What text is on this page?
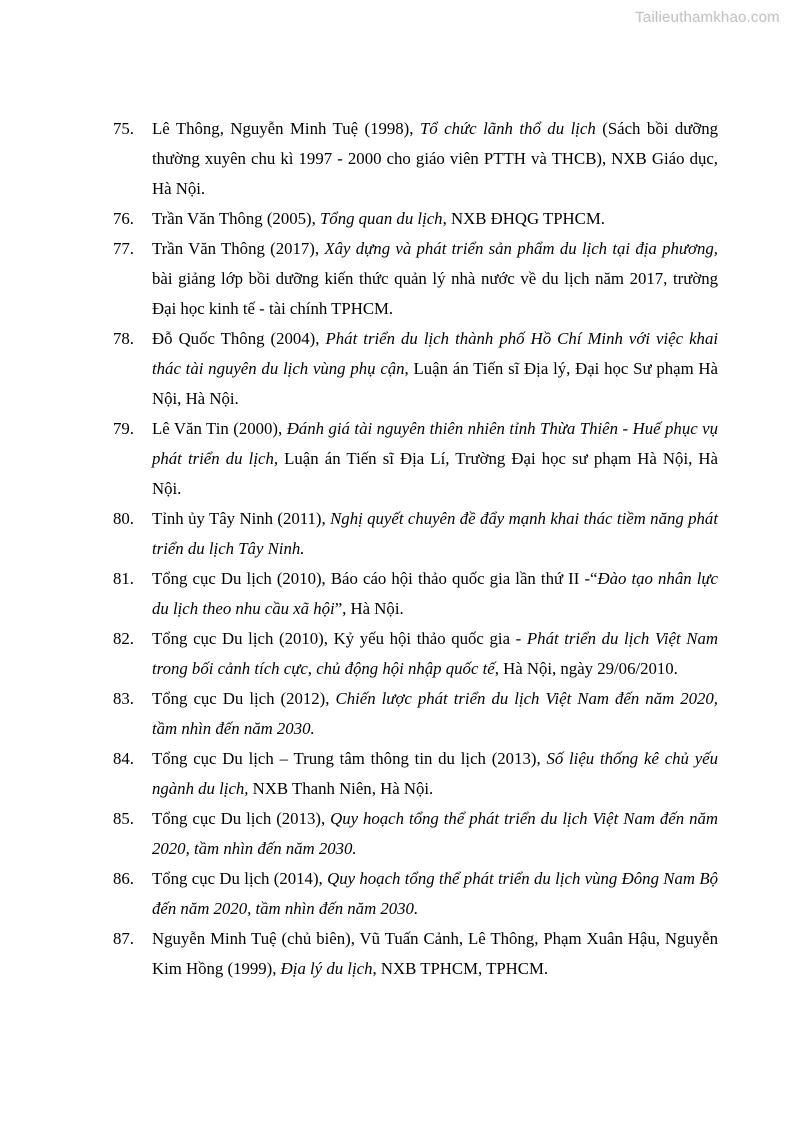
Tailieuthamkhao.com
75. Lê Thông, Nguyễn Minh Tuệ (1998), Tổ chức lãnh thổ du lịch (Sách bồi dưỡng thường xuyên chu kì 1997 - 2000 cho giáo viên PTTH và THCB), NXB Giáo dục, Hà Nội.
76. Trần Văn Thông (2005), Tổng quan du lịch, NXB ĐHQG TPHCM.
77. Trần Văn Thông (2017), Xây dựng và phát triển sản phẩm du lịch tại địa phương, bài giảng lớp bồi dưỡng kiến thức quản lý nhà nước về du lịch năm 2017, trường Đại học kinh tế - tài chính TPHCM.
78. Đỗ Quốc Thông (2004), Phát triển du lịch thành phố Hồ Chí Minh với việc khai thác tài nguyên du lịch vùng phụ cận, Luận án Tiến sĩ Địa lý, Đại học Sư phạm Hà Nội, Hà Nội.
79. Lê Văn Tin (2000), Đánh giá tài nguyên thiên nhiên tỉnh Thừa Thiên - Huế phục vụ phát triển du lịch, Luận án Tiến sĩ Địa Lí, Trường Đại học sư phạm Hà Nội, Hà Nội.
80. Tỉnh ủy Tây Ninh (2011), Nghị quyết chuyên đề đẩy mạnh khai thác tiềm năng phát triển du lịch Tây Ninh.
81. Tổng cục Du lịch (2010), Báo cáo hội thảo quốc gia lần thứ II -“Đào tạo nhân lực du lịch theo nhu cầu xã hội”, Hà Nội.
82. Tổng cục Du lịch (2010), Kỷ yếu hội thảo quốc gia - Phát triển du lịch Việt Nam trong bối cảnh tích cực, chủ động hội nhập quốc tế, Hà Nội, ngày 29/06/2010.
83. Tổng cục Du lịch (2012), Chiến lược phát triển du lịch Việt Nam đến năm 2020, tầm nhìn đến năm 2030.
84. Tổng cục Du lịch – Trung tâm thông tin du lịch (2013), Số liệu thống kê chủ yếu ngành du lịch, NXB Thanh Niên, Hà Nội.
85. Tổng cục Du lịch (2013), Quy hoạch tổng thể phát triển du lịch Việt Nam đến năm 2020, tầm nhìn đến năm 2030.
86. Tổng cục Du lịch (2014), Quy hoạch tổng thể phát triển du lịch vùng Đông Nam Bộ đến năm 2020, tầm nhìn đến năm 2030.
87. Nguyễn Minh Tuệ (chủ biên), Vũ Tuấn Cảnh, Lê Thông, Phạm Xuân Hậu, Nguyễn Kim Hồng (1999), Địa lý du lịch, NXB TPHCM, TPHCM.
